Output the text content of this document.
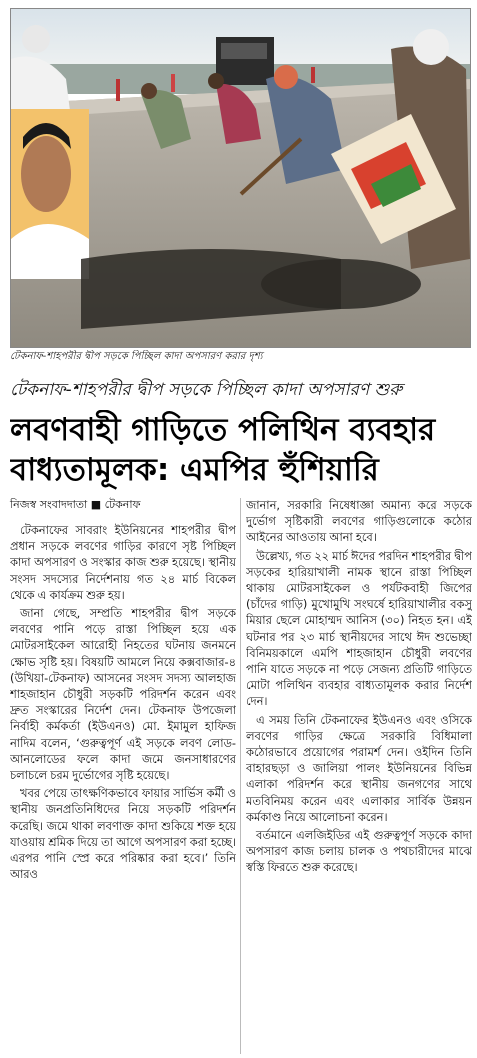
টেকনাফ-শাহপরীর দ্বীপ সড়কে পিচ্ছিল কাদা অপসারণ করার দৃশ্য
টেকনাফ-শাহপরীর দ্বীপ সড়কে পিচ্ছিল কাদা অপসারণ শুরু
লবণবাহী গাড়িতে পলিথিন ব্যবহার
বাধ্যতামূলক: এমপির হুঁশিয়ারি
নিজস্ব সংবাদদাতা ■ টেকনাফ

টেকনাফের সাবরাং ইউনিয়নের শাহপরীর দ্বীপ প্রধান সড়কে লবণের গাড়ির কারণে সৃষ্ট পিচ্ছিল কাদা অপসারণ ও সংস্কার কাজ শুরু হয়েছে। স্থানীয় সংসদ সদস্যের নির্দেশনায় গত ২৪ মার্চ বিকেল থেকে এ কার্যক্রম শুরু হয়।

জানা গেছে, সম্প্রতি শাহপরীর দ্বীপ সড়কে লবণের পানি পড়ে রাস্তা পিচ্ছিল হয়ে এক মোটরসাইকেল আরোহী নিহতের ঘটনায় জনমনে ক্ষোভ সৃষ্টি হয়। বিষয়টি আমলে নিয়ে কক্সবাজার-৪ (উখিয়া-টেকনাফ) আসনের সংসদ সদস্য আলহাজ শাহজাহান চৌধুরী সড়কটি পরিদর্শন করেন এবং দ্রুত সংস্কারের নির্দেশ দেন। টেকনাফ উপজেলা নির্বাহী কর্মকর্তা (ইউএনও) মো. ইমামুল হাফিজ নাদিম বলেন, ‘গুরুত্বপূর্ণ এই সড়কে লবণ লোড-আনলোডের ফলে কাদা জমে জনসাধারণের চলাচলে চরম দুর্ভোগের সৃষ্টি হয়েছে।

খবর পেয়ে তাৎক্ষণিকভাবে ফায়ার সার্ভিস কর্মী ও স্থানীয় জনপ্রতিনিধিদের নিয়ে সড়কটি পরিদর্শন করেছি। জমে থাকা লবণাক্ত কাদা শুকিয়ে শক্ত হয়ে যাওয়ায় শ্রমিক দিয়ে তা আগে অপসারণ করা হচ্ছে। এরপর পানি স্প্রে করে পরিষ্কার করা হবে।’ তিনি আরও

জানান, সরকারি নিষেধাজ্ঞা অমান্য করে সড়কে দুর্ভোগ সৃষ্টিকারী লবণের গাড়িগুলোকে কঠোর আইনের আওতায় আনা হবে।

উল্লেখ্য, গত ২২ মার্চ ঈদের পরদিন শাহপরীর দ্বীপ সড়কের হারিয়াখালী নামক স্থানে রাস্তা পিচ্ছিল থাকায় মোটরসাইকেল ও পর্যটকবাহী জিপের (চাঁদের গাড়ি) মুখোমুখি সংঘর্ষে হারিয়াখালীর বকসু মিয়ার ছেলে মোহাম্মদ আনিস (৩০) নিহত হন। এই ঘটনার পর ২৩ মার্চ স্থানীয়দের সাথে ঈদ শুভেচ্ছা বিনিময়কালে এমপি শাহজাহান চৌধুরী লবণের পানি যাতে সড়কে না পড়ে সেজন্য প্রতিটি গাড়িতে মোটা পলিথিন ব্যবহার বাধ্যতামূলক করার নির্দেশ দেন।

এ সময় তিনি টেকনাফের ইউএনও এবং ওসিকে লবণের গাড়ির ক্ষেত্রে সরকারি বিধিমালা কঠোরভাবে প্রয়োগের পরামর্শ দেন। ওইদিন তিনি বাহারছড়া ও জালিয়া পালং ইউনিয়নের বিভিন্ন এলাকা পরিদর্শন করে স্থানীয় জনগণের সাথে মতবিনিময় করেন এবং এলাকার সার্বিক উন্নয়ন কর্মকাণ্ড নিয়ে আলোচনা করেন।

বর্তমানে এলজিইডির এই গুরুত্বপূর্ণ সড়কে কাদা অপসারণ কাজ চলায় চালক ও পথচারীদের মাঝে স্বস্তি ফিরতে শুরু করেছে।
